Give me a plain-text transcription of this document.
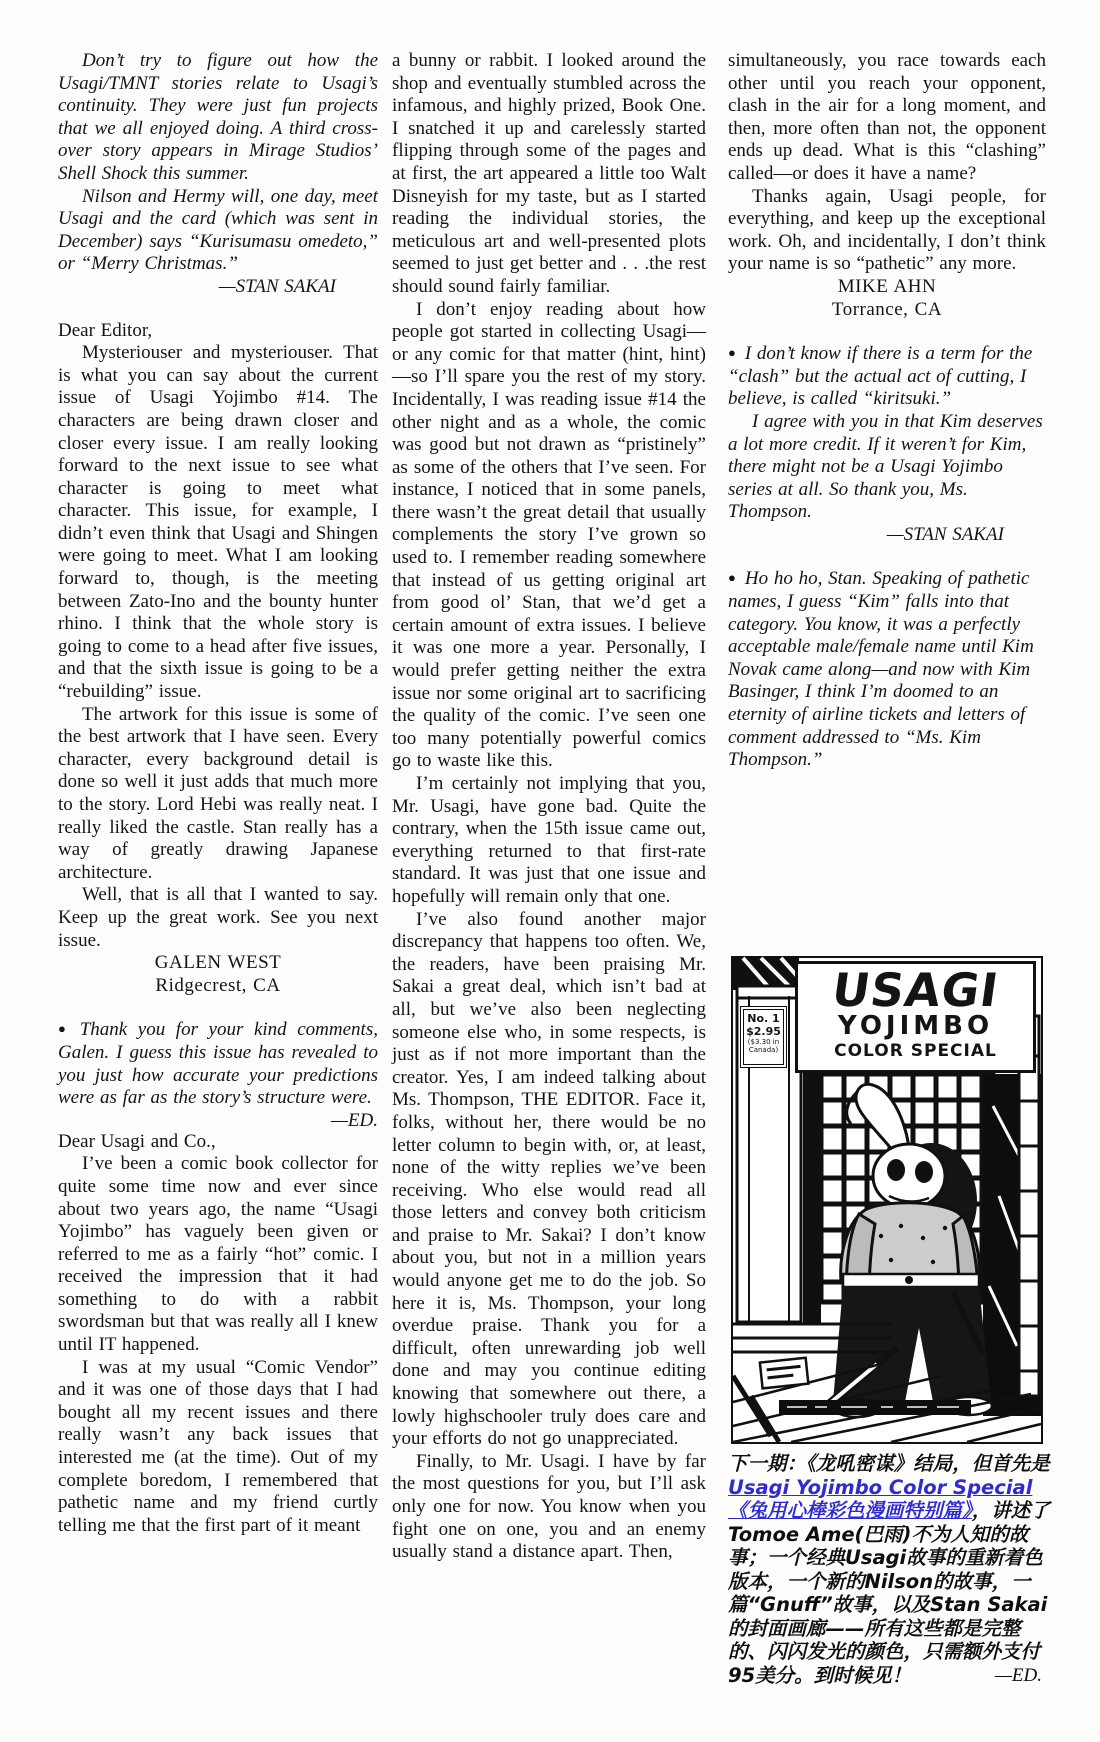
Don’t try to figure out how the Usagi/TMNT stories relate to Usagi’s continuity. They were just fun projects that we all enjoyed doing. A third cross-over story appears in Mirage Studios’ Shell Shock this summer.

Nilson and Hermy will, one day, meet Usagi and the card (which was sent in December) says “Kurisumasu omedeto,” or “Merry Christmas.”

—STAN SAKAI

Dear Editor,

Mysteriouser and mysteriouser. That is what you can say about the current issue of Usagi Yojimbo #14. The characters are being drawn closer and closer every issue. I am really looking forward to the next issue to see what character is going to meet what character. This issue, for example, I didn’t even think that Usagi and Shingen were going to meet. What I am looking forward to, though, is the meeting between Zato-Ino and the bounty hunter rhino. I think that the whole story is going to come to a head after five issues, and that the sixth issue is going to be a “rebuilding” issue.

The artwork for this issue is some of the best artwork that I have seen. Every character, every background detail is done so well it just adds that much more to the story. Lord Hebi was really neat. I really liked the castle. Stan really has a way of greatly drawing Japanese architecture.

Well, that is all that I wanted to say. Keep up the great work. See you next issue.

GALEN WEST

Ridgecrest, CA

● Thank you for your kind comments, Galen. I guess this issue has revealed to you just how accurate your predictions were as far as the story’s structure were.
—ED.

Dear Usagi and Co.,

I’ve been a comic book collector for quite some time now and ever since about two years ago, the name “Usagi Yojimbo” has vaguely been given or referred to me as a fairly “hot” comic. I received the impression that it had something to do with a rabbit swordsman but that was really all I knew until IT happened.

I was at my usual “Comic Vendor” and it was one of those days that I had bought all my recent issues and there really wasn’t any back issues that interested me (at the time). Out of my complete boredom, I remembered that pathetic name and my friend curtly telling me that the first part of it meant

a bunny or rabbit. I looked around the shop and eventually stumbled across the infamous, and highly prized, Book One. I snatched it up and carelessly started flipping through some of the pages and at first, the art appeared a little too Walt Disneyish for my taste, but as I started reading the individual stories, the meticulous art and well-presented plots seemed to just get better and . . .the rest should sound fairly familiar.

I don’t enjoy reading about how people got started in collecting Usagi—or any comic for that matter (hint, hint)—so I’ll spare you the rest of my story. Incidentally, I was reading issue #14 the other night and as a whole, the comic was good but not drawn as “pristinely” as some of the others that I’ve seen. For instance, I noticed that in some panels, there wasn’t the great detail that usually complements the story I’ve grown so used to. I remember reading somewhere that instead of us getting original art from good ol’ Stan, that we’d get a certain amount of extra issues. I believe it was one more a year. Personally, I would prefer getting neither the extra issue nor some original art to sacrificing the quality of the comic. I’ve seen one too many potentially powerful comics go to waste like this.

I’m certainly not implying that you, Mr. Usagi, have gone bad. Quite the contrary, when the 15th issue came out, everything returned to that first-rate standard. It was just that one issue and hopefully will remain only that one.

I’ve also found another major discrepancy that happens too often. We, the readers, have been praising Mr. Sakai a great deal, which isn’t bad at all, but we’ve also been neglecting someone else who, in some respects, is just as if not more important than the creator. Yes, I am indeed talking about Ms. Thompson, THE EDITOR. Face it, folks, without her, there would be no letter column to begin with, or, at least, none of the witty replies we’ve been receiving. Who else would read all those letters and convey both criticism and praise to Mr. Sakai? I don’t know about you, but not in a million years would anyone get me to do the job. So here it is, Ms. Thompson, your long overdue praise. Thank you for a difficult, often unrewarding job well done and may you continue editing knowing that somewhere out there, a lowly highschooler truly does care and your efforts do not go unappreciated.

Finally, to Mr. Usagi. I have by far the most questions for you, but I’ll ask only one for now. You know when you fight one on one, you and an enemy usually stand a distance apart. Then,

simultaneously, you race towards each other until you reach your opponent, clash in the air for a long moment, and then, more often than not, the opponent ends up dead. What is this “clashing” called—or does it have a name?

Thanks again, Usagi people, for everything, and keep up the exceptional work. Oh, and incidentally, I don’t think your name is so “pathetic” any more.

MIKE AHN

Torrance, CA

● I don’t know if there is a term for the “clash” but the actual act of cutting, I believe, is called “kiritsuki.”

I agree with you in that Kim deserves a lot more credit. If it weren’t for Kim, there might not be a Usagi Yojimbo series at all. So thank you, Ms. Thompson.

—STAN SAKAI

● Ho ho ho, Stan. Speaking of pathetic names, I guess “Kim” falls into that category. You know, it was a perfectly acceptable male/female name until Kim Novak came along—and now with Kim Basinger, I think I’m doomed to an eternity of airline tickets and letters of comment addressed to “Ms. Kim Thompson.”

USAGI
YOJIMBO
COLOR SPECIAL
No. 1
$2.95
($3.30 in Canada)
下一期：《龙吼密谋》结局，但首先是Usagi Yojimbo Color Special《兔用心棒彩色漫画特别篇》，讲述了Tomoe Ame(巴雨)不为人知的故事；一个经典Usagi故事的重新着色版本，一个新的Nilson的故事，一篇“Gnuff”故事，以及Stan Sakai的封面画廊——所有这些都是完整的、闪闪发光的颜色，只需额外支付95美分。到时候见！	—ED.
